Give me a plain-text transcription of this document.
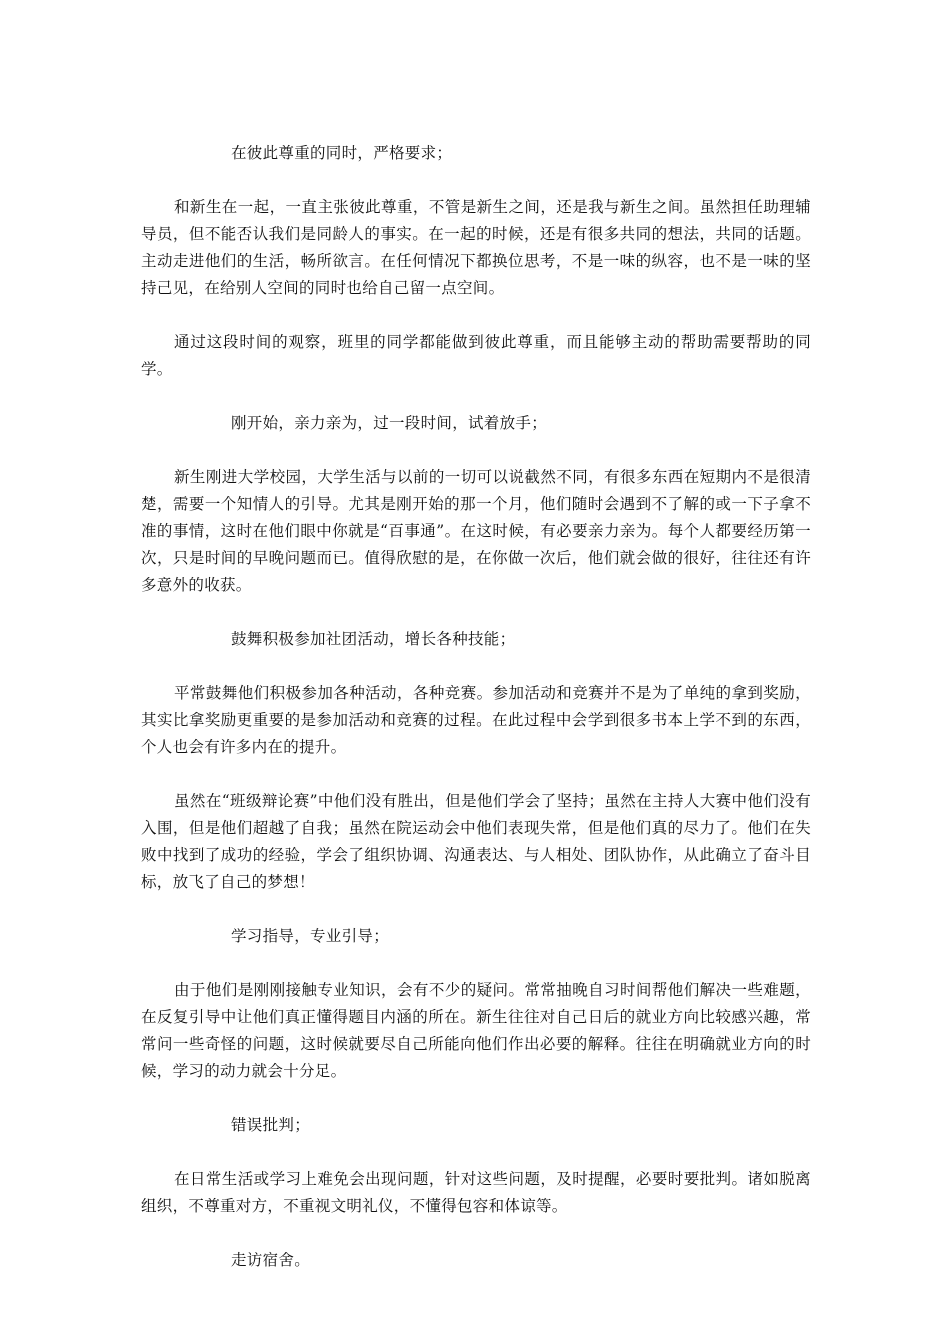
在彼此尊重的同时，严格要求；

和新生在一起，一直主张彼此尊重，不管是新生之间，还是我与新生之间。虽然担任助理辅导员，但不能否认我们是同龄人的事实。在一起的时候，还是有很多共同的想法，共同的话题。主动走进他们的生活，畅所欲言。在任何情况下都换位思考，不是一味的纵容，也不是一味的坚持己见，在给别人空间的同时也给自己留一点空间。

通过这段时间的观察，班里的同学都能做到彼此尊重，而且能够主动的帮助需要帮助的同学。

刚开始，亲力亲为，过一段时间，试着放手；

新生刚进大学校园，大学生活与以前的一切可以说截然不同，有很多东西在短期内不是很清楚，需要一个知情人的引导。尤其是刚开始的那一个月，他们随时会遇到不了解的或一下子拿不准的事情，这时在他们眼中你就是“百事通”。在这时候，有必要亲力亲为。每个人都要经历第一次，只是时间的早晚问题而已。值得欣慰的是，在你做一次后，他们就会做的很好，往往还有许多意外的收获。

鼓舞积极参加社团活动，增长各种技能；

平常鼓舞他们积极参加各种活动，各种竞赛。参加活动和竞赛并不是为了单纯的拿到奖励，其实比拿奖励更重要的是参加活动和竞赛的过程。在此过程中会学到很多书本上学不到的东西，个人也会有许多内在的提升。

虽然在“班级辩论赛”中他们没有胜出，但是他们学会了坚持；虽然在主持人大赛中他们没有入围，但是他们超越了自我；虽然在院运动会中他们表现失常，但是他们真的尽力了。他们在失败中找到了成功的经验，学会了组织协调、沟通表达、与人相处、团队协作，从此确立了奋斗目标，放飞了自己的梦想！

学习指导，专业引导；

由于他们是刚刚接触专业知识，会有不少的疑问。常常抽晚自习时间帮他们解决一些难题，在反复引导中让他们真正懂得题目内涵的所在。新生往往对自己日后的就业方向比较感兴趣，常常问一些奇怪的问题，这时候就要尽自己所能向他们作出必要的解释。往往在明确就业方向的时候，学习的动力就会十分足。

错误批判；

在日常生活或学习上难免会出现问题，针对这些问题，及时提醒，必要时要批判。诸如脱离组织，不尊重对方，不重视文明礼仪，不懂得包容和体谅等。

走访宿舍。
